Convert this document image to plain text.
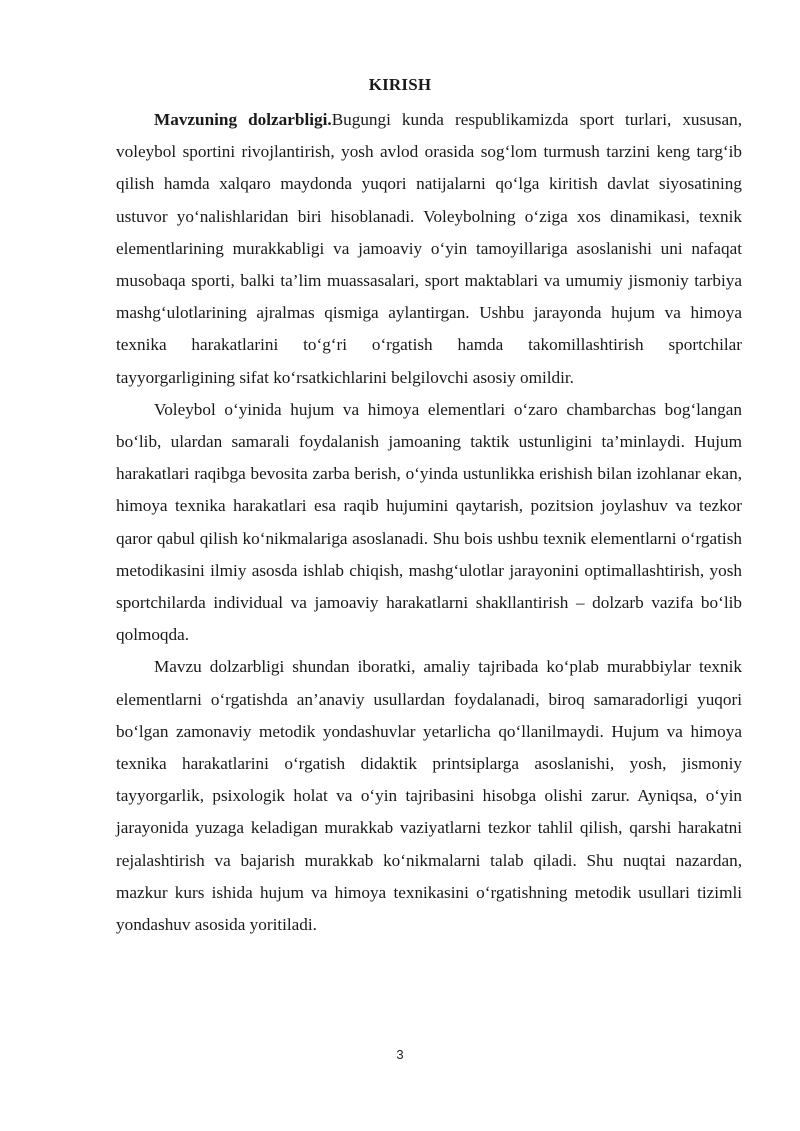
KIRISH

Mavzuning dolzarbligi.Bugungi kunda respublikamizda sport turlari, xususan, voleybol sportini rivojlantirish, yosh avlod orasida sog‘lom turmush tarzini keng targ‘ib qilish hamda xalqaro maydonda yuqori natijalarni qo‘lga kiritish davlat siyosatining ustuvor yo‘nalishlaridan biri hisoblanadi. Voleybolning o‘ziga xos dinamikasi, texnik elementlarining murakkabligi va jamoaviy o‘yin tamoyillariga asoslanishi uni nafaqat musobaqa sporti, balki ta’lim muassasalari, sport maktablari va umumiy jismoniy tarbiya mashg‘ulotlarining ajralmas qismiga aylantirgan. Ushbu jarayonda hujum va himoya texnika harakatlarini to‘g‘ri o‘rgatish hamda takomillashtirish sportchilar tayyorgarligining sifat ko‘rsatkichlarini belgilovchi asosiy omildir.

Voleybol o‘yinida hujum va himoya elementlari o‘zaro chambarchas bog‘langan bo‘lib, ulardan samarali foydalanish jamoaning taktik ustunligini ta’minlaydi. Hujum harakatlari raqibga bevosita zarba berish, o‘yinda ustunlikka erishish bilan izohlanar ekan, himoya texnika harakatlari esa raqib hujumini qaytarish, pozitsion joylashuv va tezkor qaror qabul qilish ko‘nikmalariga asoslanadi. Shu bois ushbu texnik elementlarni o‘rgatish metodikasini ilmiy asosda ishlab chiqish, mashg‘ulotlar jarayonini optimallashtirish, yosh sportchilarda individual va jamoaviy harakatlarni shakllantirish – dolzarb vazifa bo‘lib qolmoqda.

Mavzu dolzarbligi shundan iboratki, amaliy tajribada ko‘plab murabbiylar texnik elementlarni o‘rgatishda an’anaviy usullardan foydalanadi, biroq samaradorligi yuqori bo‘lgan zamonaviy metodik yondashuvlar yetarlicha qo‘llanilmaydi. Hujum va himoya texnika harakatlarini o‘rgatish didaktik printsiplarga asoslanishi, yosh, jismoniy tayyorgarlik, psixologik holat va o‘yin tajribasini hisobga olishi zarur. Ayniqsa, o‘yin jarayonida yuzaga keladigan murakkab vaziyatlarni tezkor tahlil qilish, qarshi harakatni rejalashtirish va bajarish murakkab ko‘nikmalarni talab qiladi. Shu nuqtai nazardan, mazkur kurs ishida hujum va himoya texnikasini o‘rgatishning metodik usullari tizimli yondashuv asosida yoritiladi.

3
